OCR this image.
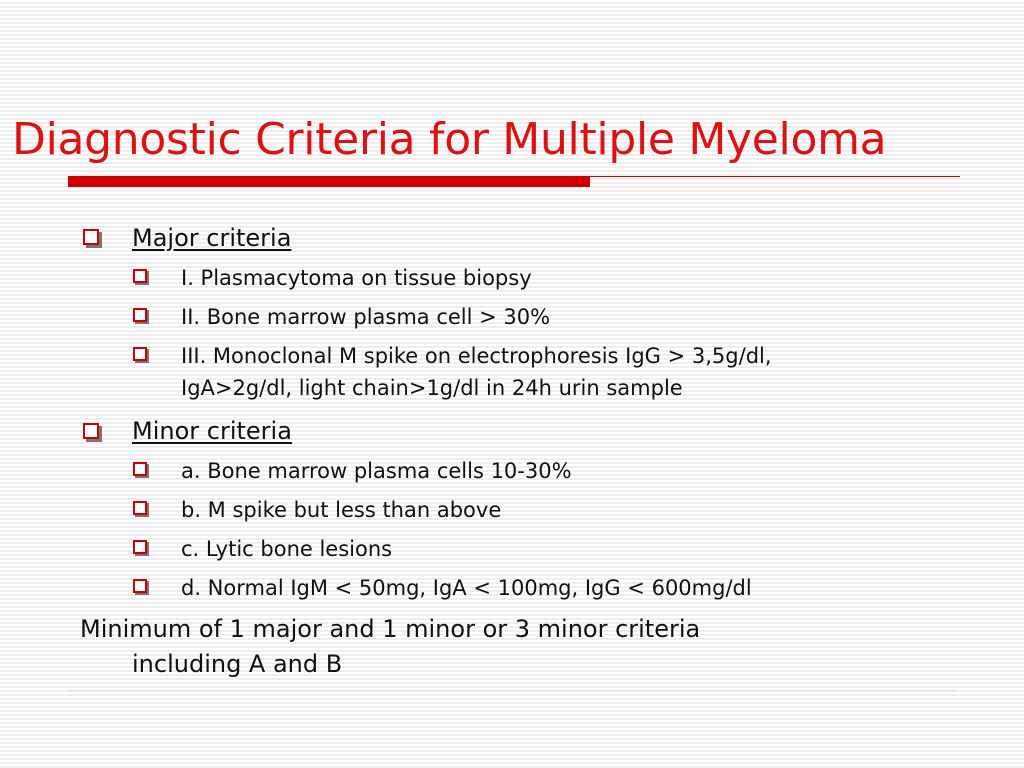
Diagnostic Criteria for Multiple Myeloma
Major criteria
I. Plasmacytoma on tissue biopsy
II. Bone marrow plasma cell > 30%
III. Monoclonal M spike on electrophoresis IgG > 3,5g/dl,
IgA>2g/dl, light chain>1g/dl in 24h urin sample
Minor criteria
a. Bone marrow plasma cells 10-30%
b. M spike but less than above
c. Lytic bone lesions
d. Normal IgM < 50mg, IgA < 100mg, IgG < 600mg/dl
Minimum of 1 major and 1 minor or 3 minor criteria
including A and B
